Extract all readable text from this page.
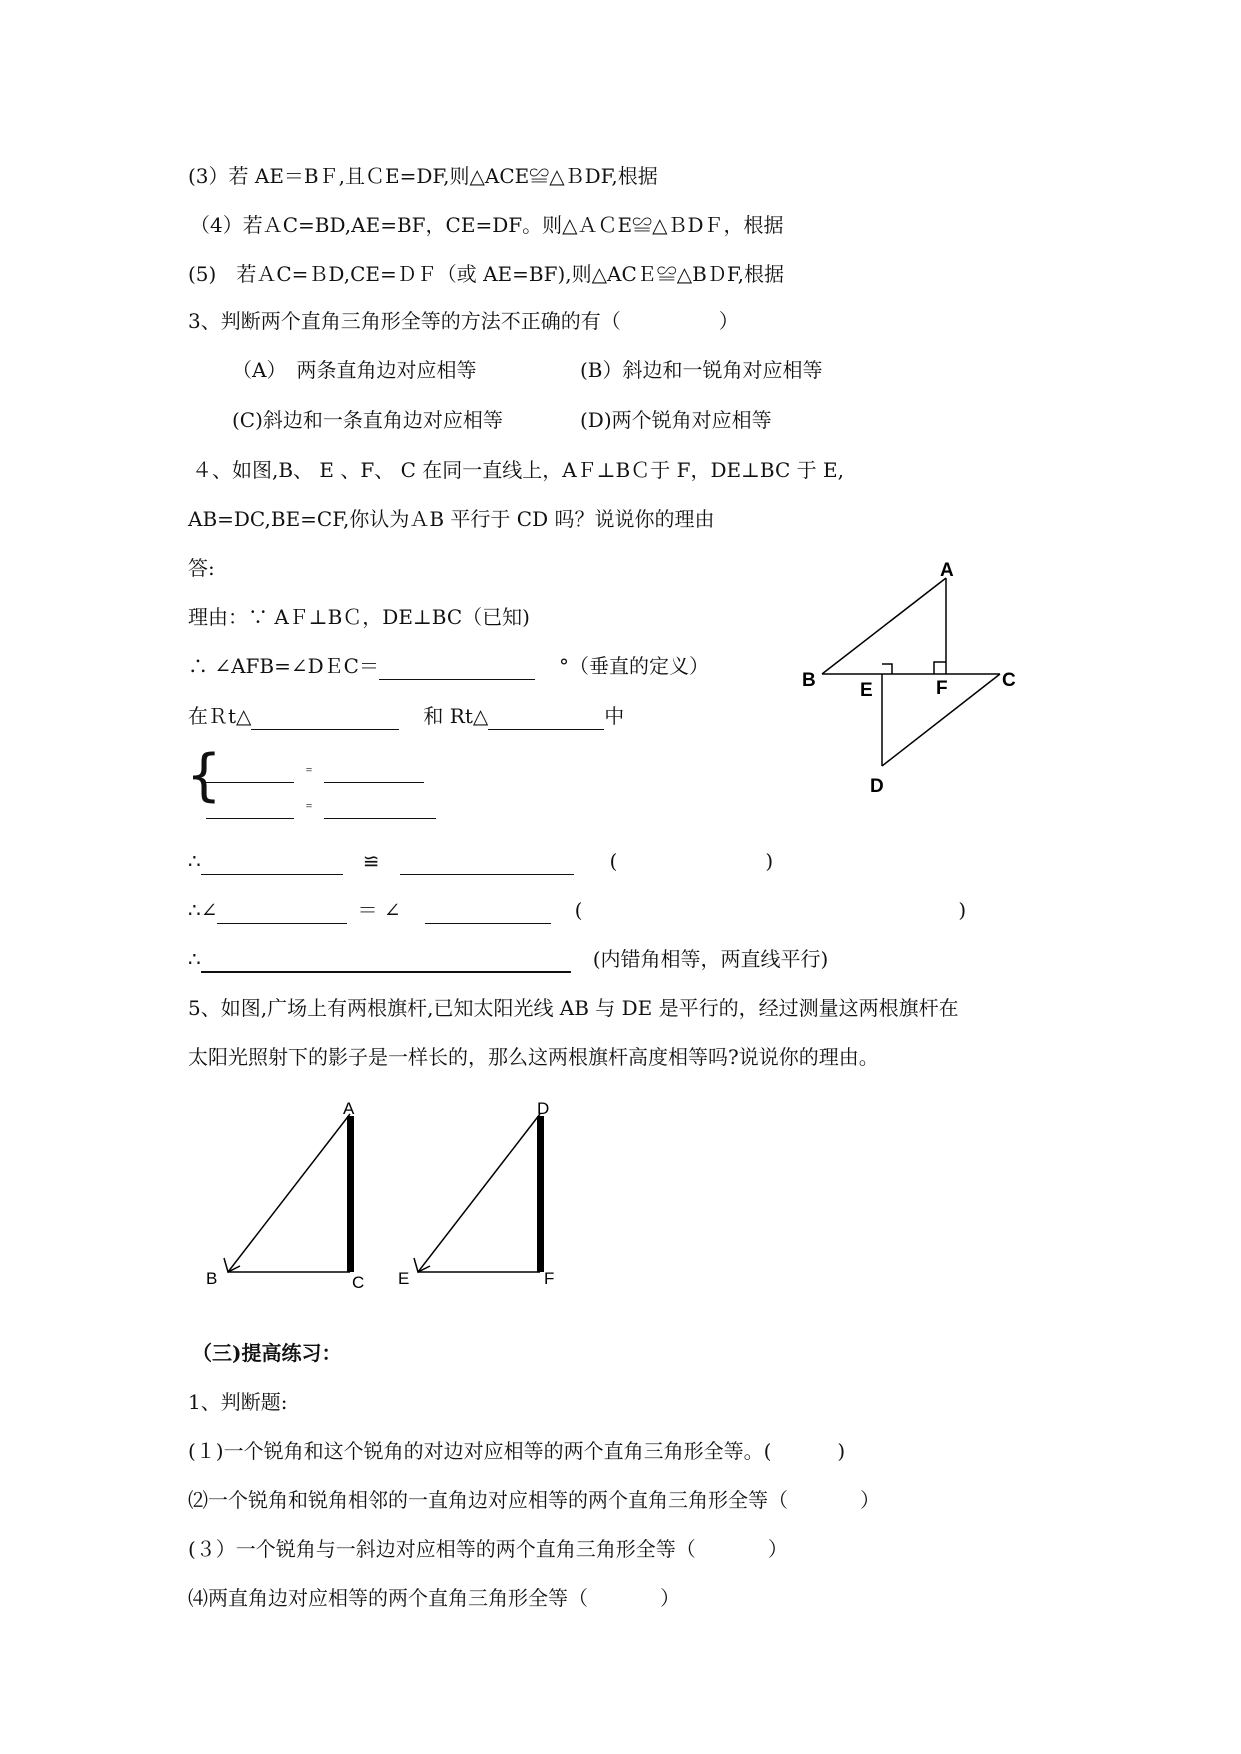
(3）若 AE＝BＦ,且ＣE=DF,则△ACE≌△ＢDF,根据
（4）若ＡC=BD,AE=BF，CE=DF。则△ＡＣE≌△ＢDＦ，根据
(5)　若ＡC=ＢD,CE=ＤＦ（或 AE=BF),则△ACＥ≌△BＤF,根据
3、判断两个直角三角形全等的方法不正确的有（	）
（A）　两条直角边对应相等	(B）斜边和一锐角对应相等
(C)斜边和一条直角边对应相等	(D)两个锐角对应相等
４、如图,B、 E 、F、 C 在同一直线上，AＦ⊥BＣ于 F，DE⊥BC 于 E,
AB=DC,BE=CF,你认为ＡB 平行于 CD 吗？说说你的理由
答:
理由：∵ AＦ⊥BＣ，DE⊥BC（已知)
∴ ∠AFB=∠DＥC＝	°（垂直的定义）
在Ｒt△	和 Rt△	中
{	﹦
﹦
∴	≌	(	)
∴∠	＝ ∠	(	)
∴	(内错角相等，两直线平行)
A
B	C
D
E	F
5、如图,广场上有两根旗杆,已知太阳光线 AB 与 DE 是平行的，经过测量这两根旗杆在
太阳光照射下的影子是一样长的，那么这两根旗杆高度相等吗?说说你的理由。
A
B	C
D
E	F
（三)提高练习：
1、判断题:
(１)一个锐角和这个锐角的对边对应相等的两个直角三角形全等。(	)
⑵一个锐角和锐角相邻的一直角边对应相等的两个直角三角形全等（	）
(３）一个锐角与一斜边对应相等的两个直角三角形全等（	）
⑷两直角边对应相等的两个直角三角形全等（	）
